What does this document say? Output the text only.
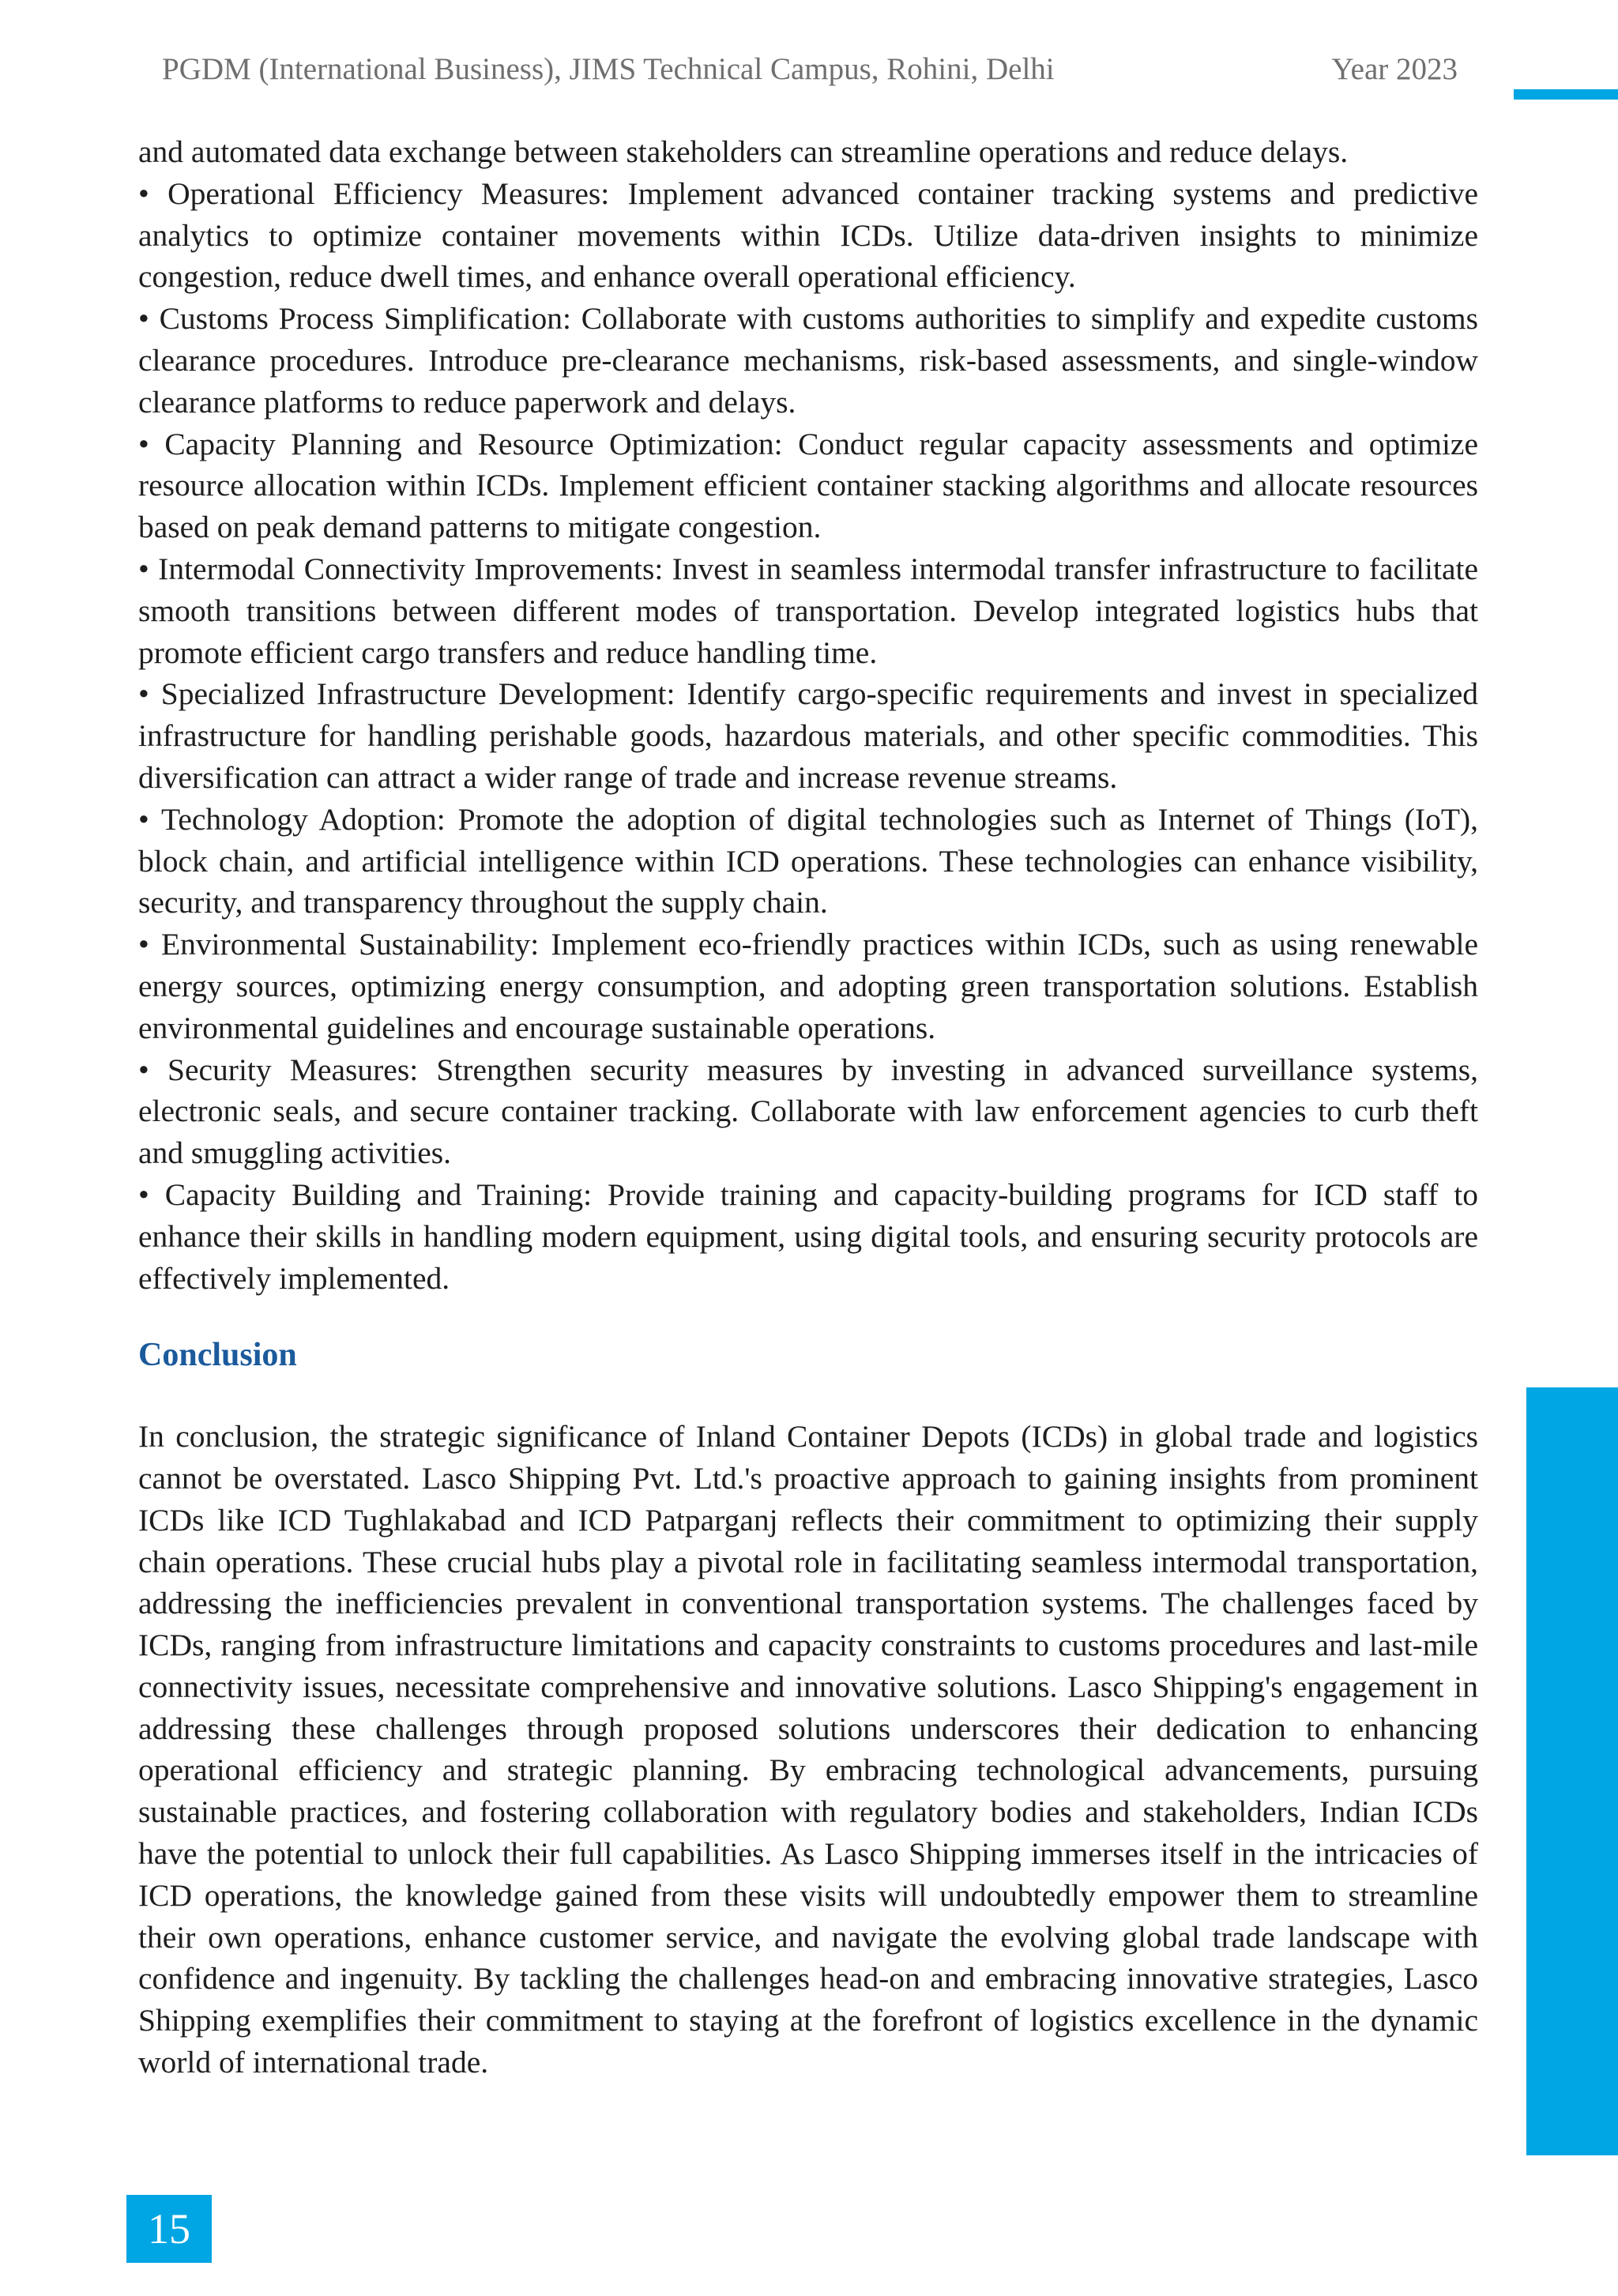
PGDM (International Business), JIMS Technical Campus, Rohini, Delhi	Year 2023

and automated data exchange between stakeholders can streamline operations and reduce delays.

• Operational Efficiency Measures: Implement advanced container tracking systems and predictive analytics to optimize container movements within ICDs. Utilize data-driven insights to minimize congestion, reduce dwell times, and enhance overall operational efficiency.

• Customs Process Simplification: Collaborate with customs authorities to simplify and expedite customs clearance procedures. Introduce pre-clearance mechanisms, risk-based assessments, and single-window clearance platforms to reduce paperwork and delays.

• Capacity Planning and Resource Optimization: Conduct regular capacity assessments and optimize resource allocation within ICDs. Implement efficient container stacking algorithms and allocate resources based on peak demand patterns to mitigate congestion.

• Intermodal Connectivity Improvements: Invest in seamless intermodal transfer infrastructure to facilitate smooth transitions between different modes of transportation. Develop integrated logistics hubs that promote efficient cargo transfers and reduce handling time.

• Specialized Infrastructure Development: Identify cargo-specific requirements and invest in specialized infrastructure for handling perishable goods, hazardous materials, and other specific commodities. This diversification can attract a wider range of trade and increase revenue streams.

• Technology Adoption: Promote the adoption of digital technologies such as Internet of Things (IoT), block chain, and artificial intelligence within ICD operations. These technologies can enhance visibility, security, and transparency throughout the supply chain.

• Environmental Sustainability: Implement eco-friendly practices within ICDs, such as using renewable energy sources, optimizing energy consumption, and adopting green transportation solutions. Establish environmental guidelines and encourage sustainable operations.

• Security Measures: Strengthen security measures by investing in advanced surveillance systems, electronic seals, and secure container tracking. Collaborate with law enforcement agencies to curb theft and smuggling activities.

• Capacity Building and Training: Provide training and capacity-building programs for ICD staff to enhance their skills in handling modern equipment, using digital tools, and ensuring security protocols are effectively implemented.

Conclusion

In conclusion, the strategic significance of Inland Container Depots (ICDs) in global trade and logistics cannot be overstated. Lasco Shipping Pvt. Ltd.'s proactive approach to gaining insights from prominent ICDs like ICD Tughlakabad and ICD Patparganj reflects their commitment to optimizing their supply chain operations. These crucial hubs play a pivotal role in facilitating seamless intermodal transportation, addressing the inefficiencies prevalent in conventional transportation systems. The challenges faced by ICDs, ranging from infrastructure limitations and capacity constraints to customs procedures and last-mile connectivity issues, necessitate comprehensive and innovative solutions. Lasco Shipping's engagement in addressing these challenges through proposed solutions underscores their dedication to enhancing operational efficiency and strategic planning. By embracing technological advancements, pursuing sustainable practices, and fostering collaboration with regulatory bodies and stakeholders, Indian ICDs have the potential to unlock their full capabilities. As Lasco Shipping immerses itself in the intricacies of ICD operations, the knowledge gained from these visits will undoubtedly empower them to streamline their own operations, enhance customer service, and navigate the evolving global trade landscape with confidence and ingenuity. By tackling the challenges head-on and embracing innovative strategies, Lasco Shipping exemplifies their commitment to staying at the forefront of logistics excellence in the dynamic world of international trade.

15
